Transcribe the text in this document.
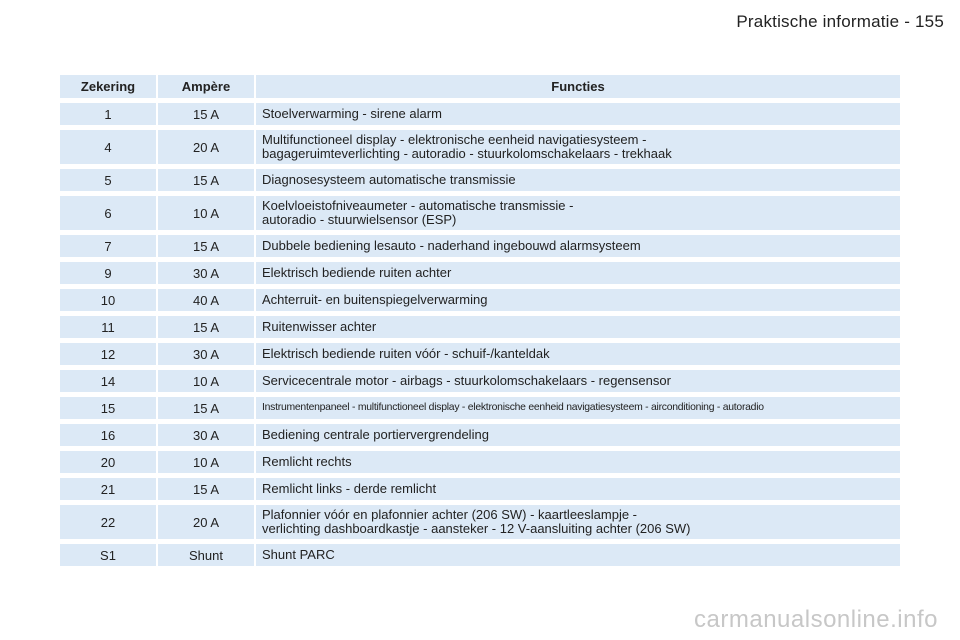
Praktische informatie - 155
Zekering	Ampère	Functies
1	15 A	Stoelverwarming - sirene alarm
4	20 A	Multifunctioneel display - elektronische eenheid navigatiesysteem -
bagageruimteverlichting - autoradio - stuurkolomschakelaars - trekhaak
5	15 A	Diagnosesysteem automatische transmissie
6	10 A	Koelvloeistofniveaumeter - automatische transmissie -
autoradio - stuurwielsensor (ESP)
7	15 A	Dubbele bediening lesauto - naderhand ingebouwd alarmsysteem
9	30 A	Elektrisch bediende ruiten achter
10	40 A	Achterruit- en buitenspiegelverwarming
11	15 A	Ruitenwisser achter
12	30 A	Elektrisch bediende ruiten vóór - schuif-/kanteldak
14	10 A	Servicecentrale motor - airbags - stuurkolomschakelaars - regensensor
15	15 A	Instrumentenpaneel - multifunctioneel display - elektronische eenheid navigatiesysteem - airconditioning - autoradio
16	30 A	Bediening centrale portiervergrendeling
20	10 A	Remlicht rechts
21	15 A	Remlicht links - derde remlicht
22	20 A	Plafonnier vóór en plafonnier achter (206 SW) - kaartleeslampje -
verlichting dashboardkastje - aansteker - 12 V-aansluiting achter (206 SW)
S1	Shunt	Shunt PARC
carmanualsonline.info
